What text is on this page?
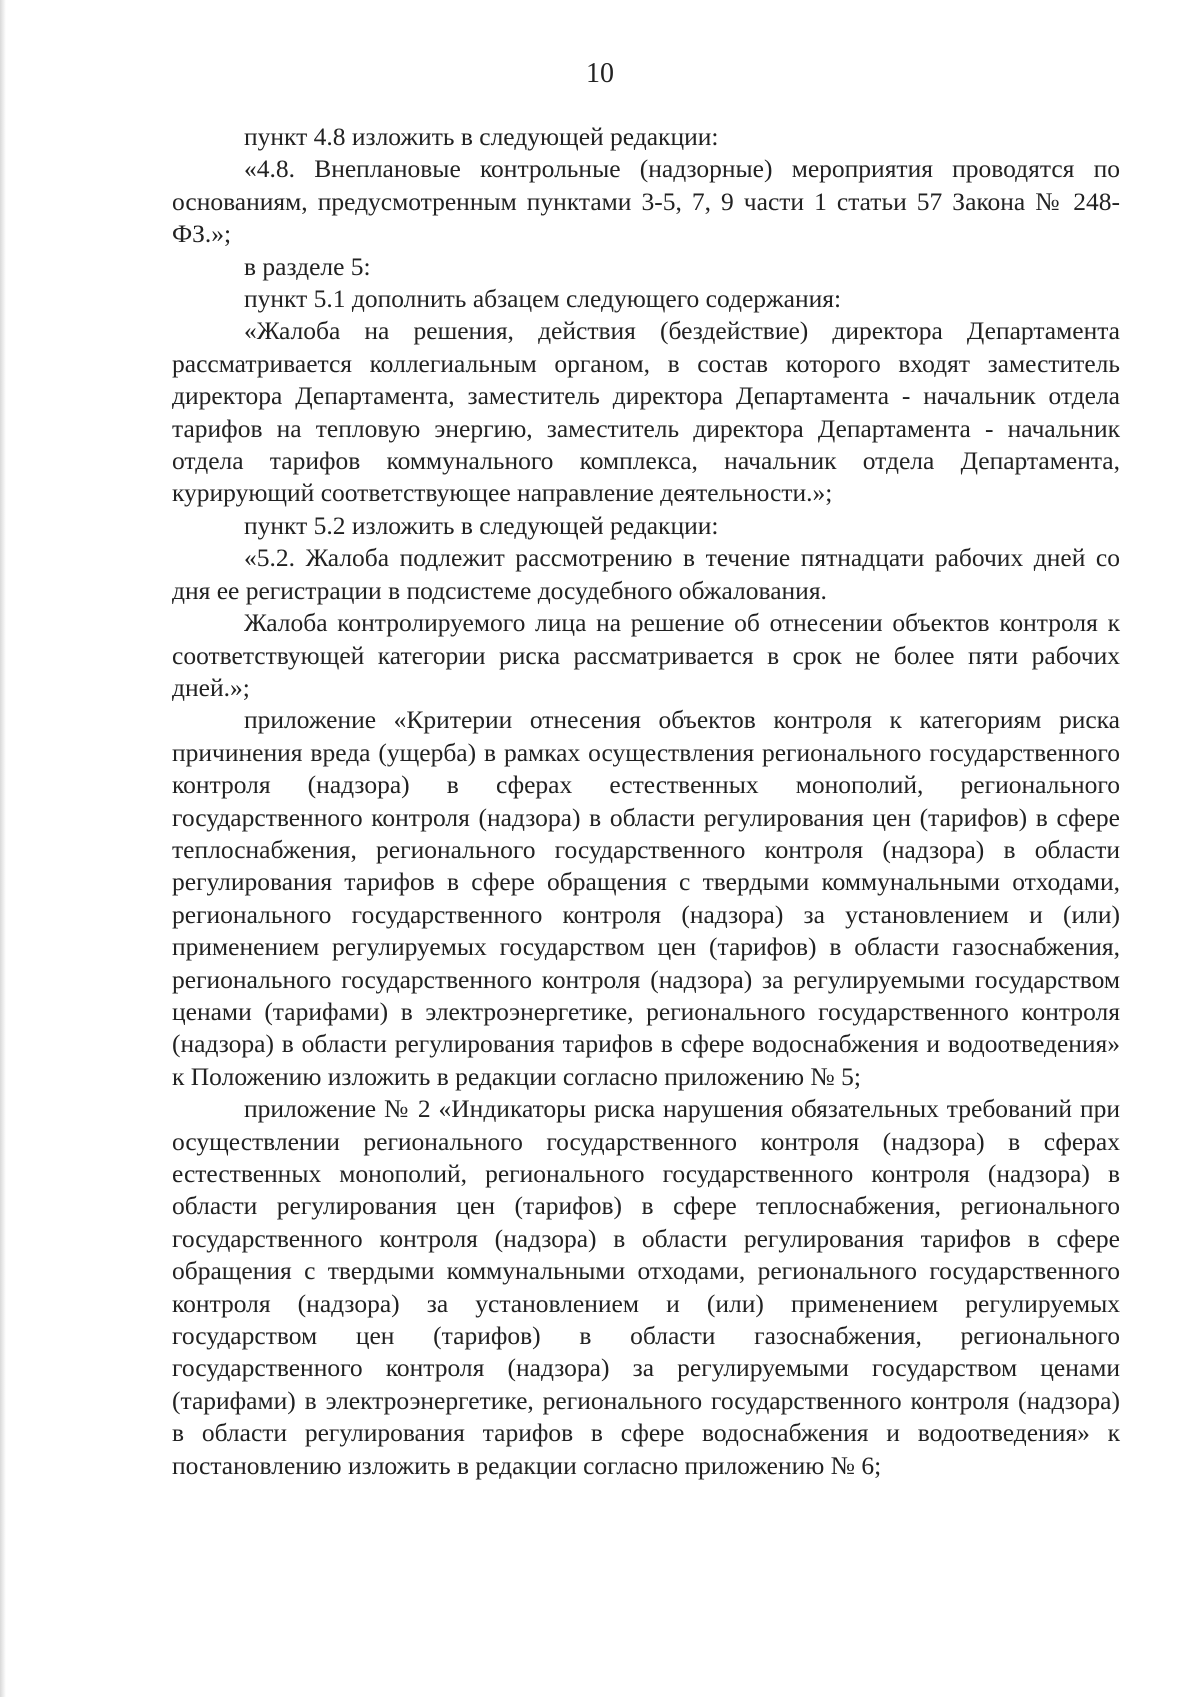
10

пункт 4.8 изложить в следующей редакции:

«4.8. Внеплановые контрольные (надзорные) мероприятия проводятся по основаниям, предусмотренным пунктами 3-5, 7, 9 части 1 статьи 57 Закона № 248-ФЗ.»;

в разделе 5:

пункт 5.1 дополнить абзацем следующего содержания:

«Жалоба на решения, действия (бездействие) директора Департамента рассматривается коллегиальным органом, в состав которого входят заместитель директора Департамента, заместитель директора Департамента - начальник отдела тарифов на тепловую энергию, заместитель директора Департамента - начальник отдела тарифов коммунального комплекса, начальник отдела Департамента, курирующий соответствующее направление деятельности.»;

пункт 5.2 изложить в следующей редакции:

«5.2. Жалоба подлежит рассмотрению в течение пятнадцати рабочих дней со дня ее регистрации в подсистеме досудебного обжалования.

Жалоба контролируемого лица на решение об отнесении объектов контроля к соответствующей категории риска рассматривается в срок не более пяти рабочих дней.»;

приложение «Критерии отнесения объектов контроля к категориям риска причинения вреда (ущерба) в рамках осуществления регионального государственного контроля (надзора) в сферах естественных монополий, регионального государственного контроля (надзора) в области регулирования цен (тарифов) в сфере теплоснабжения, регионального государственного контроля (надзора) в области регулирования тарифов в сфере обращения с твердыми коммунальными отходами, регионального государственного контроля (надзора) за установлением и (или) применением регулируемых государством цен (тарифов) в области газоснабжения, регионального государственного контроля (надзора) за регулируемыми государством ценами (тарифами) в электроэнергетике, регионального государственного контроля (надзора) в области регулирования тарифов в сфере водоснабжения и водоотведения» к Положению изложить в редакции согласно приложению № 5;

приложение № 2 «Индикаторы риска нарушения обязательных требований при осуществлении регионального государственного контроля (надзора) в сферах естественных монополий, регионального государственного контроля (надзора) в области регулирования цен (тарифов) в сфере теплоснабжения, регионального государственного контроля (надзора) в области регулирования тарифов в сфере обращения с твердыми коммунальными отходами, регионального государственного контроля (надзора) за установлением и (или) применением регулируемых государством цен (тарифов) в области газоснабжения, регионального государственного контроля (надзора) за регулируемыми государством ценами (тарифами) в электроэнергетике, регионального государственного контроля (надзора) в области регулирования тарифов в сфере водоснабжения и водоотведения» к постановлению изложить в редакции согласно приложению № 6;
